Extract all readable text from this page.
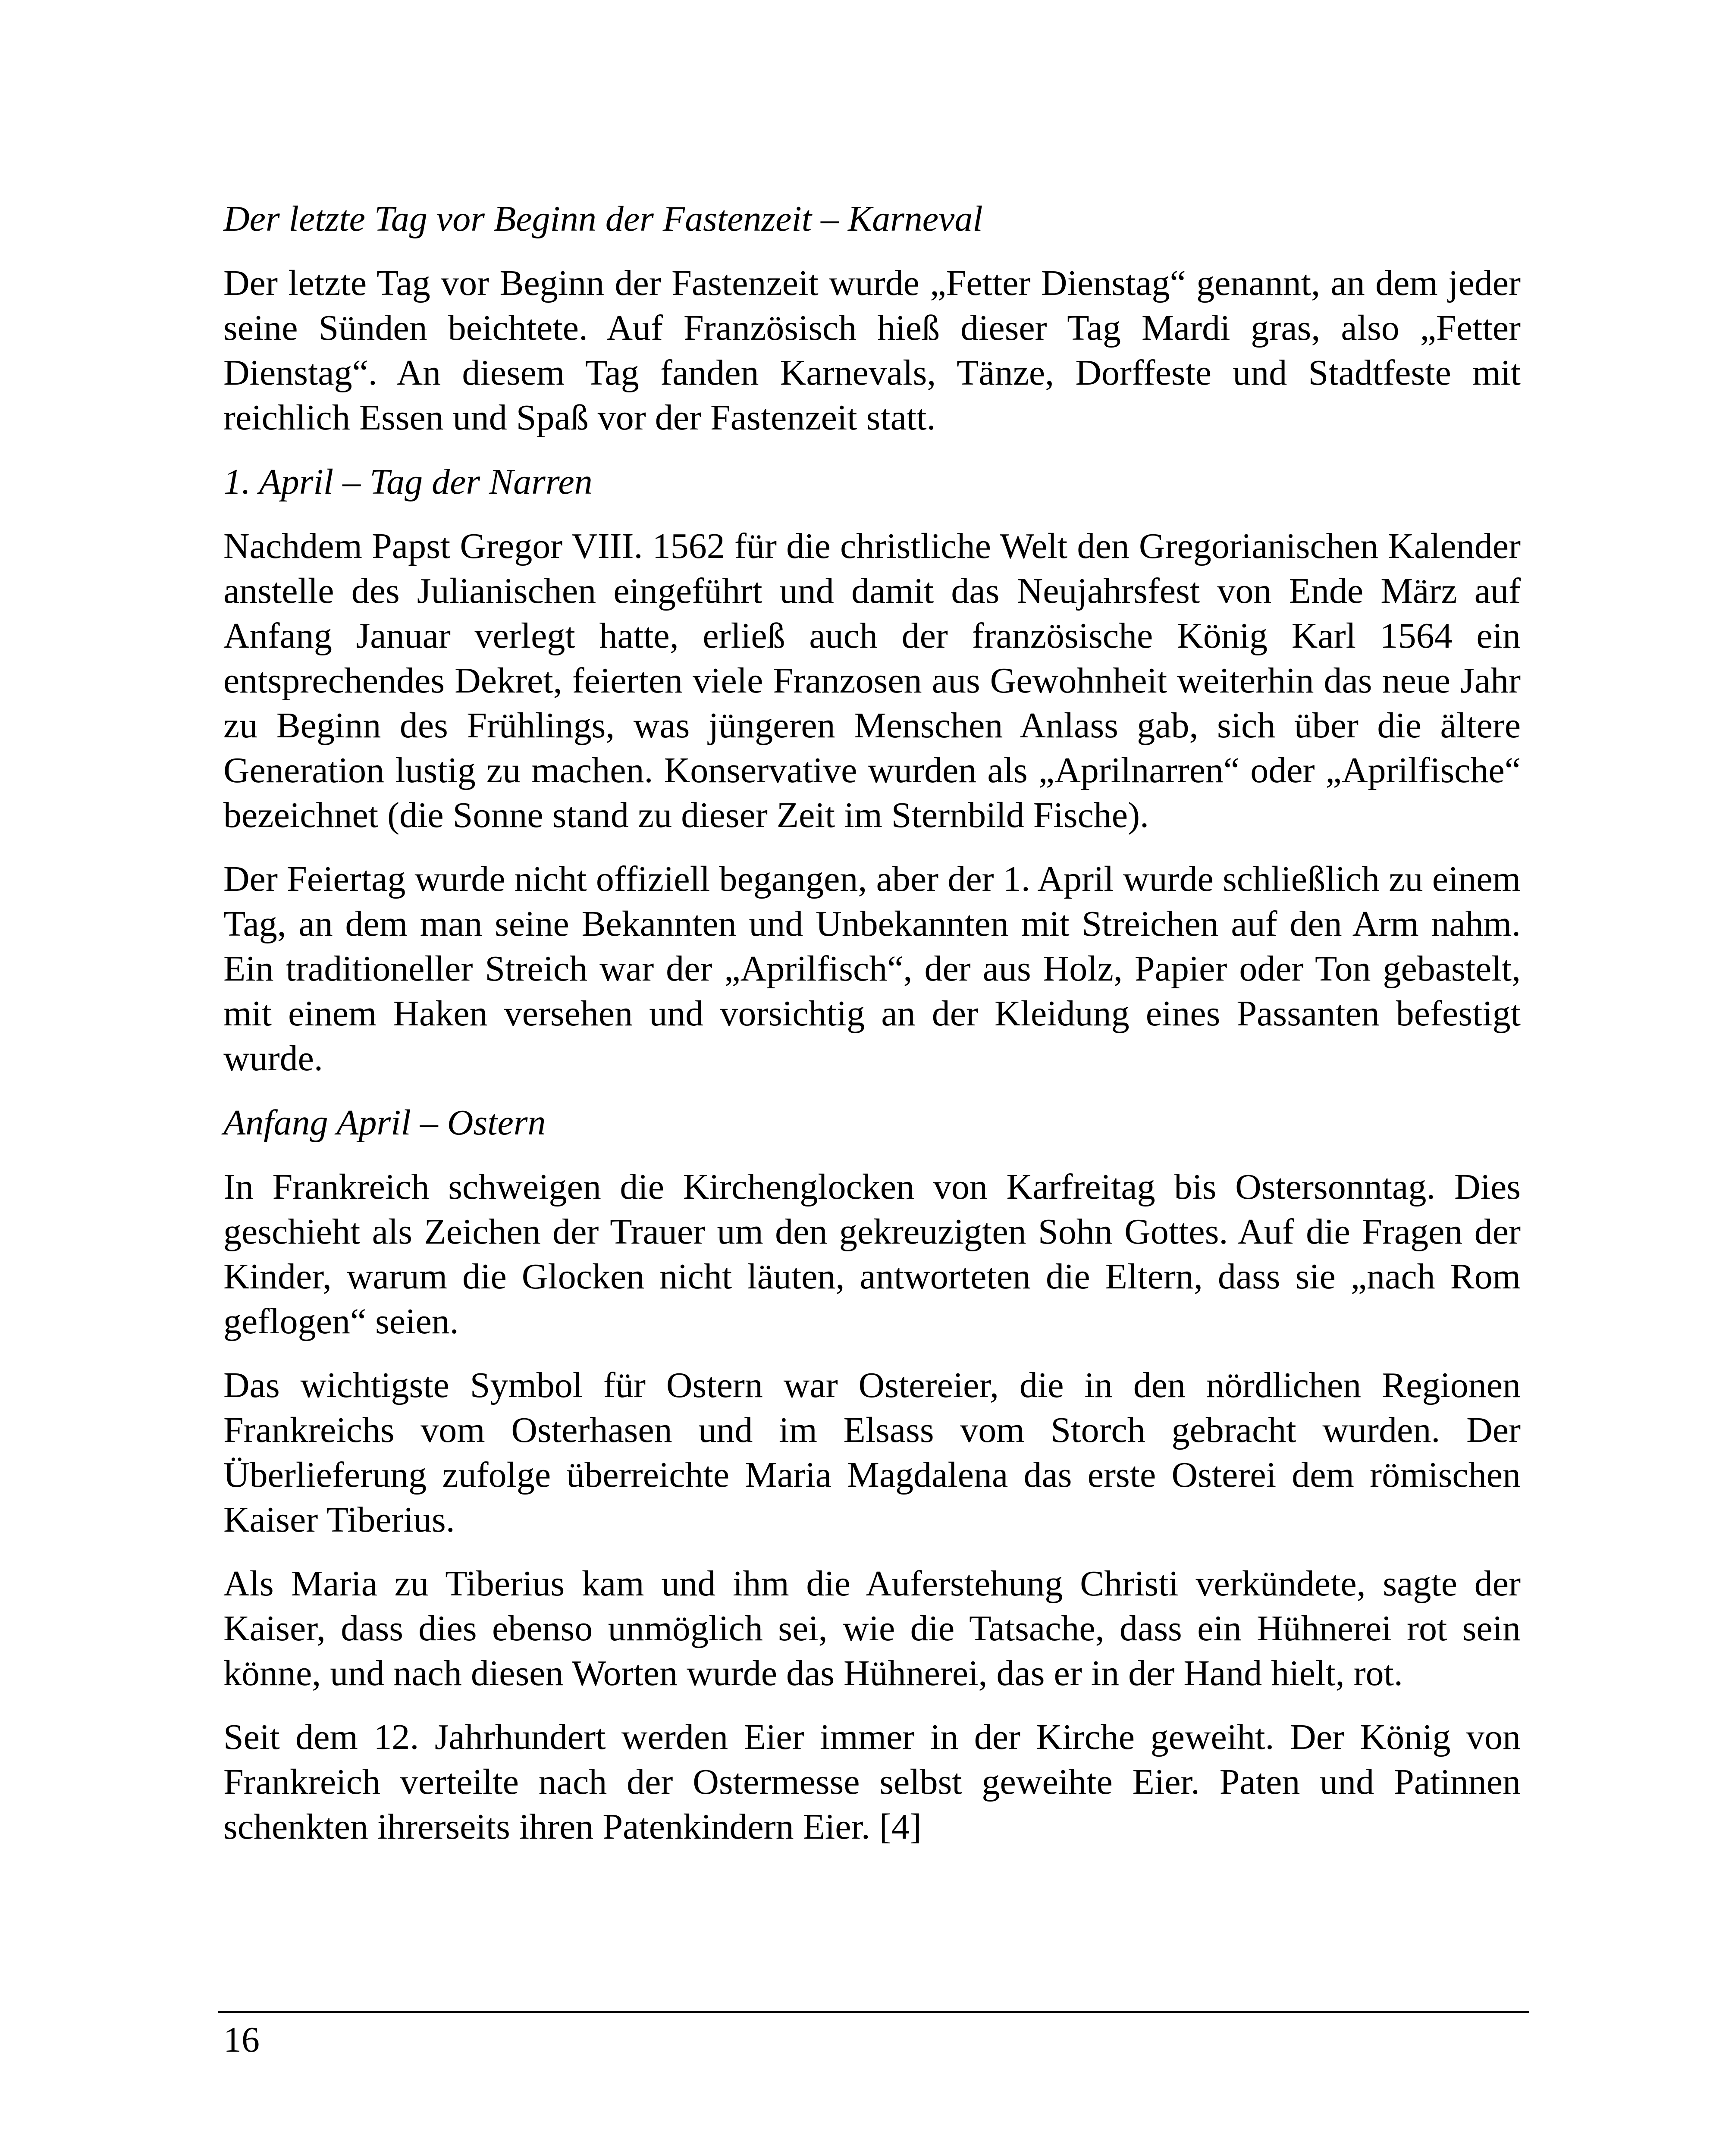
Der letzte Tag vor Beginn der Fastenzeit – Karneval

Der letzte Tag vor Beginn der Fastenzeit wurde „Fetter Dienstag“ genannt, an dem jeder seine Sünden beichtete. Auf Französisch hieß dieser Tag Mardi gras, also „Fetter Dienstag“. An diesem Tag fanden Karnevals, Tänze, Dorffeste und Stadtfeste mit reichlich Essen und Spaß vor der Fastenzeit statt.

1. April – Tag der Narren

Nachdem Papst Gregor VIII. 1562 für die christliche Welt den Gregorianischen Kalender anstelle des Julianischen eingeführt und damit das Neujahrsfest von Ende März auf Anfang Januar verlegt hatte, erließ auch der französische König Karl 1564 ein entsprechendes Dekret, feierten viele Franzosen aus Gewohnheit weiterhin das neue Jahr zu Beginn des Frühlings, was jüngeren Menschen Anlass gab, sich über die ältere Generation lustig zu machen. Konservative wurden als „Aprilnarren“ oder „Aprilfische“ bezeichnet (die Sonne stand zu dieser Zeit im Sternbild Fische).

Der Feiertag wurde nicht offiziell begangen, aber der 1. April wurde schließlich zu einem Tag, an dem man seine Bekannten und Unbekannten mit Streichen auf den Arm nahm. Ein traditioneller Streich war der „Aprilfisch“, der aus Holz, Papier oder Ton gebastelt, mit einem Haken versehen und vorsichtig an der Kleidung eines Passanten befestigt wurde.

Anfang April – Ostern

In Frankreich schweigen die Kirchenglocken von Karfreitag bis Ostersonntag. Dies geschieht als Zeichen der Trauer um den gekreuzigten Sohn Gottes. Auf die Fragen der Kinder, warum die Glocken nicht läuten, antworteten die Eltern, dass sie „nach Rom geflogen“ seien.

Das wichtigste Symbol für Ostern war Ostereier, die in den nördlichen Regionen Frankreichs vom Osterhasen und im Elsass vom Storch gebracht wurden. Der Überlieferung zufolge überreichte Maria Magdalena das erste Osterei dem römischen Kaiser Tiberius.

Als Maria zu Tiberius kam und ihm die Auferstehung Christi verkündete, sagte der Kaiser, dass dies ebenso unmöglich sei, wie die Tatsache, dass ein Hühnerei rot sein könne, und nach diesen Worten wurde das Hühnerei, das er in der Hand hielt, rot.

Seit dem 12. Jahrhundert werden Eier immer in der Kirche geweiht. Der König von Frankreich verteilte nach der Ostermesse selbst geweihte Eier. Paten und Patinnen schenkten ihrerseits ihren Patenkindern Eier. [4]

16
